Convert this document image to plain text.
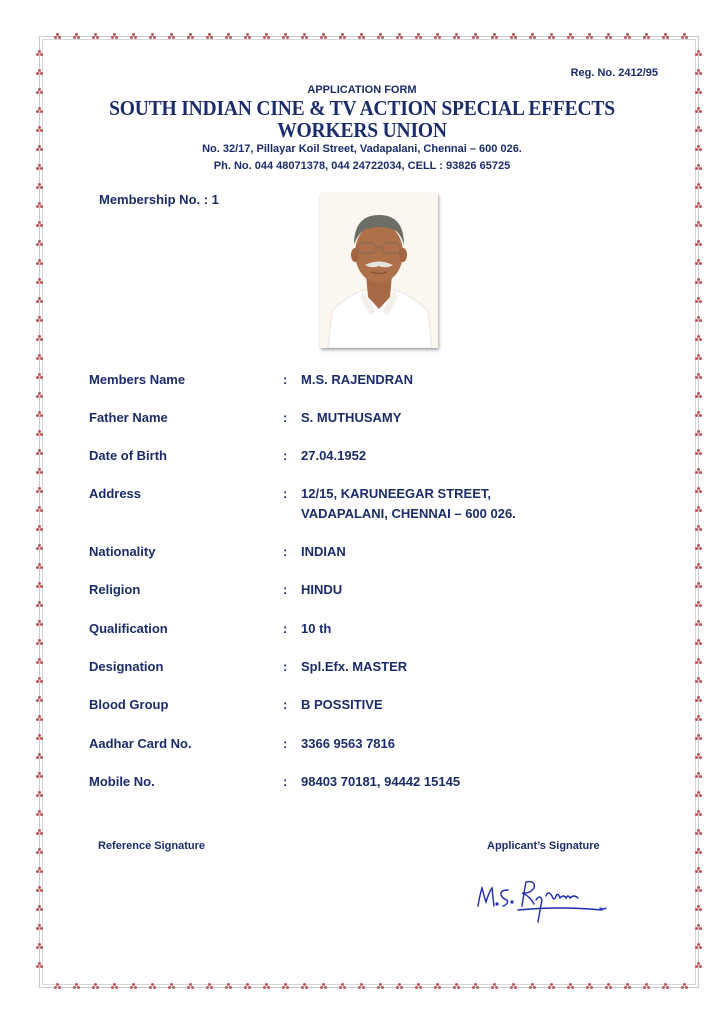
Reg. No. 2412/95
APPLICATION FORM
SOUTH INDIAN CINE & TV ACTION SPECIAL EFFECTS
WORKERS UNION
No. 32/17, Pillayar Koil Street, Vadapalani, Chennai – 600 026.
Ph. No. 044 48071378, 044 24722034, CELL : 93826 65725
Membership No. : 1
Members Name	: M.S. RAJENDRAN
Father Name	: S. MUTHUSAMY
Date of Birth	: 27.04.1952
Address	: 12/15, KARUNEEGAR STREET,
VADAPALANI, CHENNAI – 600 026.
Nationality	: INDIAN
Religion	: HINDU
Qualification	: 10 th
Designation	: Spl.Efx. MASTER
Blood Group	: B POSSITIVE
Aadhar Card No.	: 3366 9563 7816
Mobile No.	: 98403 70181, 94442 15145
Reference Signature	Applicant’s Signature
